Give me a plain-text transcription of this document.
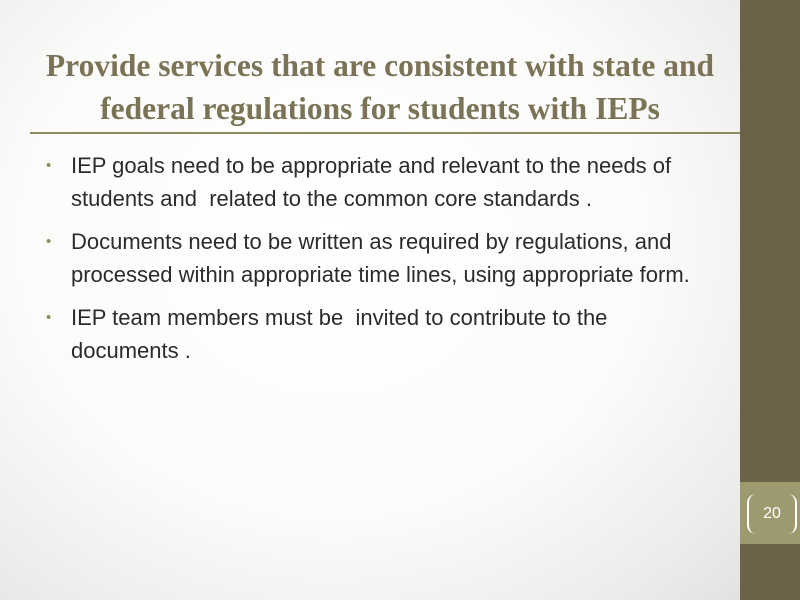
Provide services that are consistent with state and federal regulations for students with IEPs
• IEP goals need to be appropriate and relevant to the needs of students and  related to the common core standards .
• Documents need to be written as required by regulations, and processed within appropriate time lines, using appropriate form.
• IEP team members must be  invited to contribute to the documents .
20
